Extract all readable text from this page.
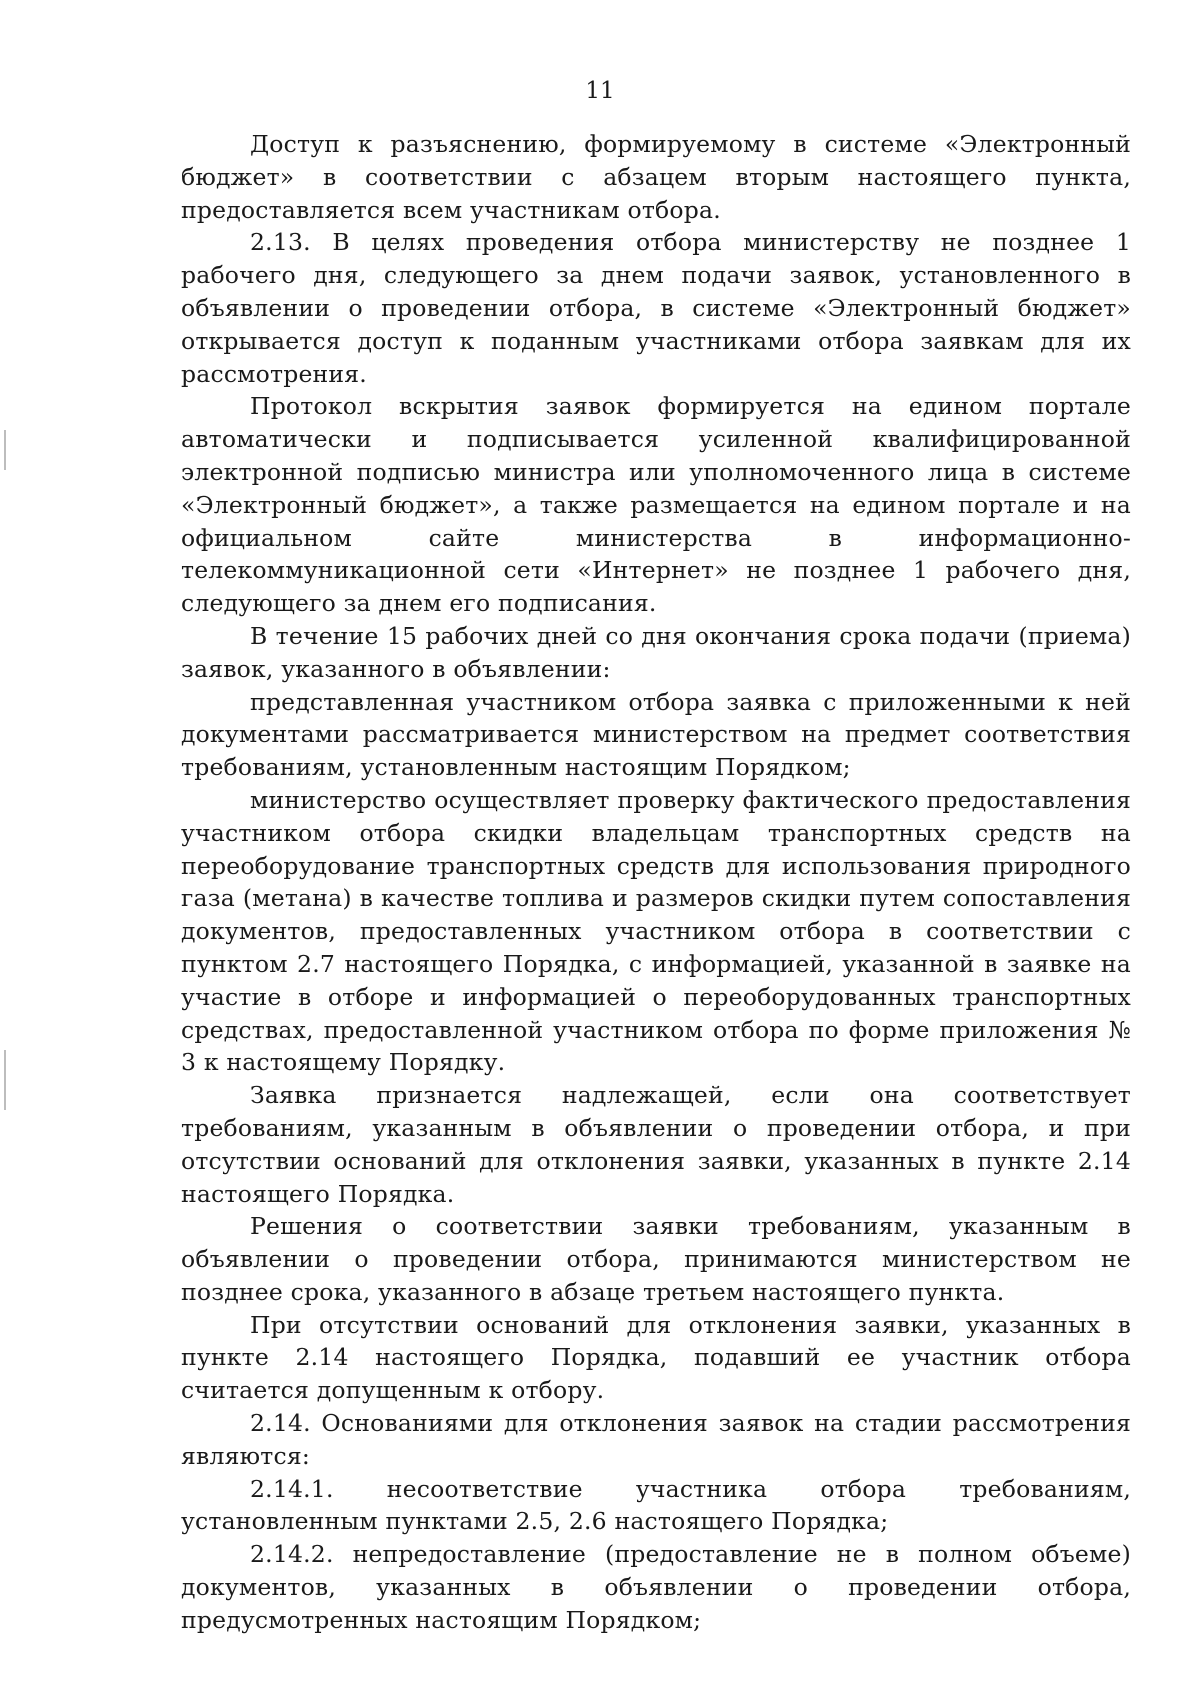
11

Доступ к разъяснению, формируемому в системе «Электронный бюджет» в соответствии с абзацем вторым настоящего пункта, предоставляется всем участникам отбора.

2.13. В целях проведения отбора министерству не позднее 1 рабочего дня, следующего за днем подачи заявок, установленного в объявлении о проведении отбора, в системе «Электронный бюджет» открывается доступ к поданным участниками отбора заявкам для их рассмотрения.

Протокол вскрытия заявок формируется на едином портале автоматически и подписывается усиленной квалифицированной электронной подписью министра или уполномоченного лица в системе «Электронный бюджет», а также размещается на едином портале и на официальном сайте министерства в информационно-телекоммуникационной сети «Интернет» не позднее 1 рабочего дня, следующего за днем его подписания.

В течение 15 рабочих дней со дня окончания срока подачи (приема) заявок, указанного в объявлении:

представленная участником отбора заявка с приложенными к ней документами рассматривается министерством на предмет соответствия требованиям, установленным настоящим Порядком;

министерство осуществляет проверку фактического предоставления участником отбора скидки владельцам транспортных средств на переоборудование транспортных средств для использования природного газа (метана) в качестве топлива и размеров скидки путем сопоставления документов, предоставленных участником отбора в соответствии с пунктом 2.7 настоящего Порядка, с информацией, указанной в заявке на участие в отборе и информацией о переоборудованных транспортных средствах, предоставленной участником отбора по форме приложения № 3 к настоящему Порядку.

Заявка признается надлежащей, если она соответствует требованиям, указанным в объявлении о проведении отбора, и при отсутствии оснований для отклонения заявки, указанных в пункте 2.14 настоящего Порядка.

Решения о соответствии заявки требованиям, указанным в объявлении о проведении отбора, принимаются министерством не позднее срока, указанного в абзаце третьем настоящего пункта.

При отсутствии оснований для отклонения заявки, указанных в пункте 2.14 настоящего Порядка, подавший ее участник отбора считается допущенным к отбору.

2.14. Основаниями для отклонения заявок на стадии рассмотрения являются:

2.14.1. несоответствие участника отбора требованиям, установленным пунктами 2.5, 2.6 настоящего Порядка;

2.14.2. непредоставление (предоставление не в полном объеме) документов, указанных в объявлении о проведении отбора, предусмотренных настоящим Порядком;
